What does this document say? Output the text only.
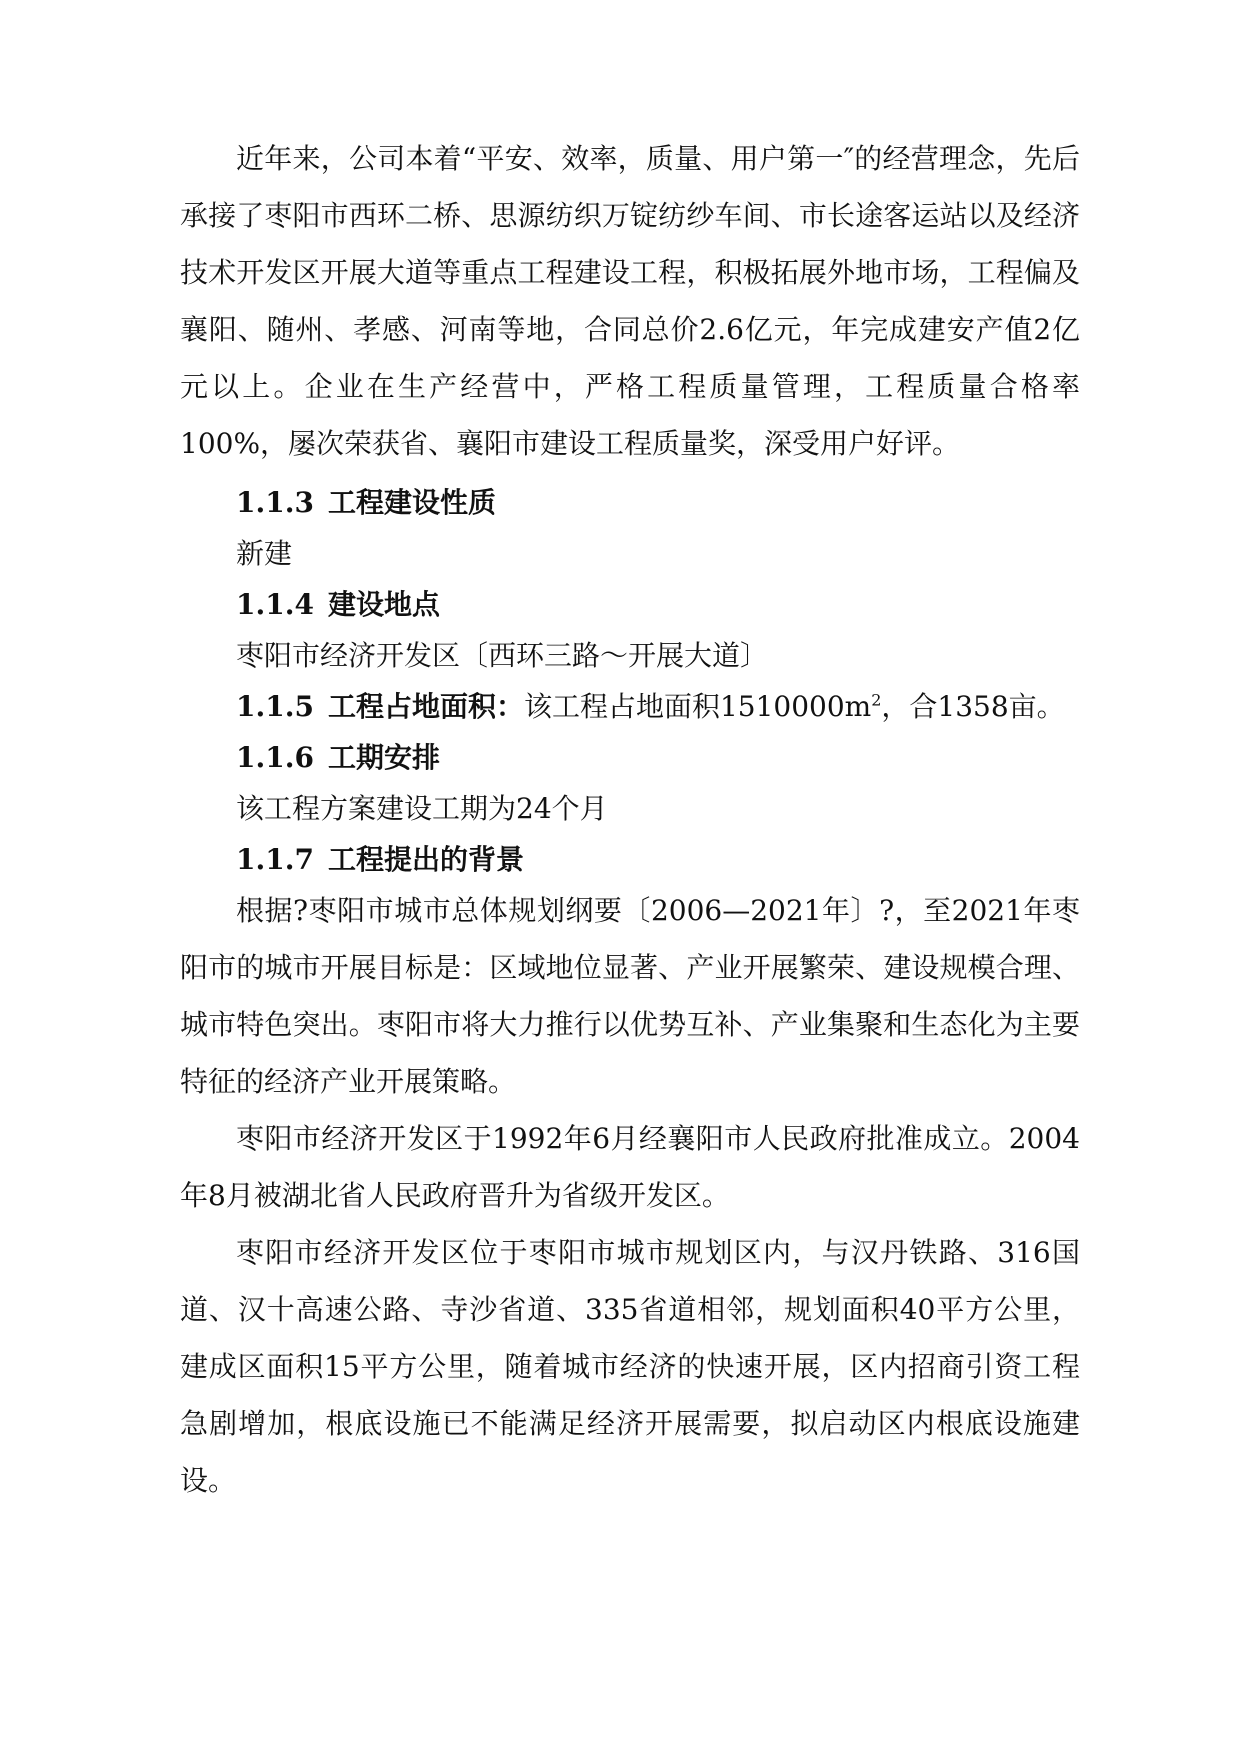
近年来，公司本着“平安、效率，质量、用户第一″的经营理念，先后承接了枣阳市西环二桥、思源纺织万锭纺纱车间、市长途客运站以及经济技术开发区开展大道等重点工程建设工程，积极拓展外地市场，工程偏及襄阳、随州、孝感、河南等地，合同总价2.6亿元，年完成建安产值2亿元以上。企业在生产经营中，严格工程质量管理，工程质量合格率100%，屡次荣获省、襄阳市建设工程质量奖，深受用户好评。

1.1.3 工程建设性质
新建
1.1.4 建设地点
枣阳市经济开发区〔西环三路～开展大道〕
1.1.5 工程占地面积：该工程占地面积$1510000m^2$，合1358亩。
1.1.6 工期安排
该工程方案建设工期为24个月
1.1.7 工程提出的背景

根据?枣阳市城市总体规划纲要〔2006—2021年〕?，至2021年枣阳市的城市开展目标是：区域地位显著、产业开展繁荣、建设规模合理、城市特色突出。枣阳市将大力推行以优势互补、产业集聚和生态化为主要特征的经济产业开展策略。

枣阳市经济开发区于1992年6月经襄阳市人民政府批准成立。2004年8月被湖北省人民政府晋升为省级开发区。

枣阳市经济开发区位于枣阳市城市规划区内，与汉丹铁路、316国道、汉十高速公路、寺沙省道、335省道相邻，规划面积40平方公里，建成区面积15平方公里，随着城市经济的快速开展，区内招商引资工程急剧增加，根底设施已不能满足经济开展需要，拟启动区内根底设施建设。
